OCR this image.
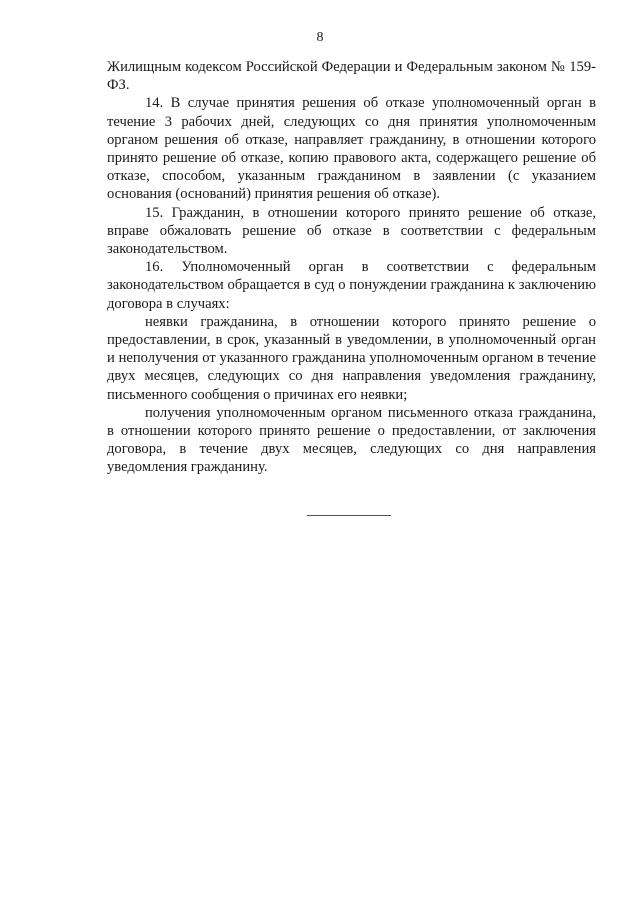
8

Жилищным кодексом Российской Федерации и Федеральным законом № 159-ФЗ.

14. В случае принятия решения об отказе уполномоченный орган в течение 3 рабочих дней, следующих со дня принятия уполномоченным органом решения об отказе, направляет гражданину, в отношении которого принято решение об отказе, копию правового акта, содержащего решение об отказе, способом, указанным гражданином в заявлении (с указанием основания (оснований) принятия решения об отказе).

15. Гражданин, в отношении которого принято решение об отказе, вправе обжаловать решение об отказе в соответствии с федеральным законодательством.

16. Уполномоченный орган в соответствии с федеральным законодательством обращается в суд о понуждении гражданина к заключению договора в случаях:

неявки гражданина, в отношении которого принято решение о предоставлении, в срок, указанный в уведомлении, в уполномоченный орган и неполучения от указанного гражданина уполномоченным органом в течение двух месяцев, следующих со дня направления уведомления гражданину, письменного сообщения о причинах его неявки;

получения уполномоченным органом письменного отказа гражданина, в отношении которого принято решение о предоставлении, от заключения договора, в течение двух месяцев, следующих со дня направления уведомления гражданину.
